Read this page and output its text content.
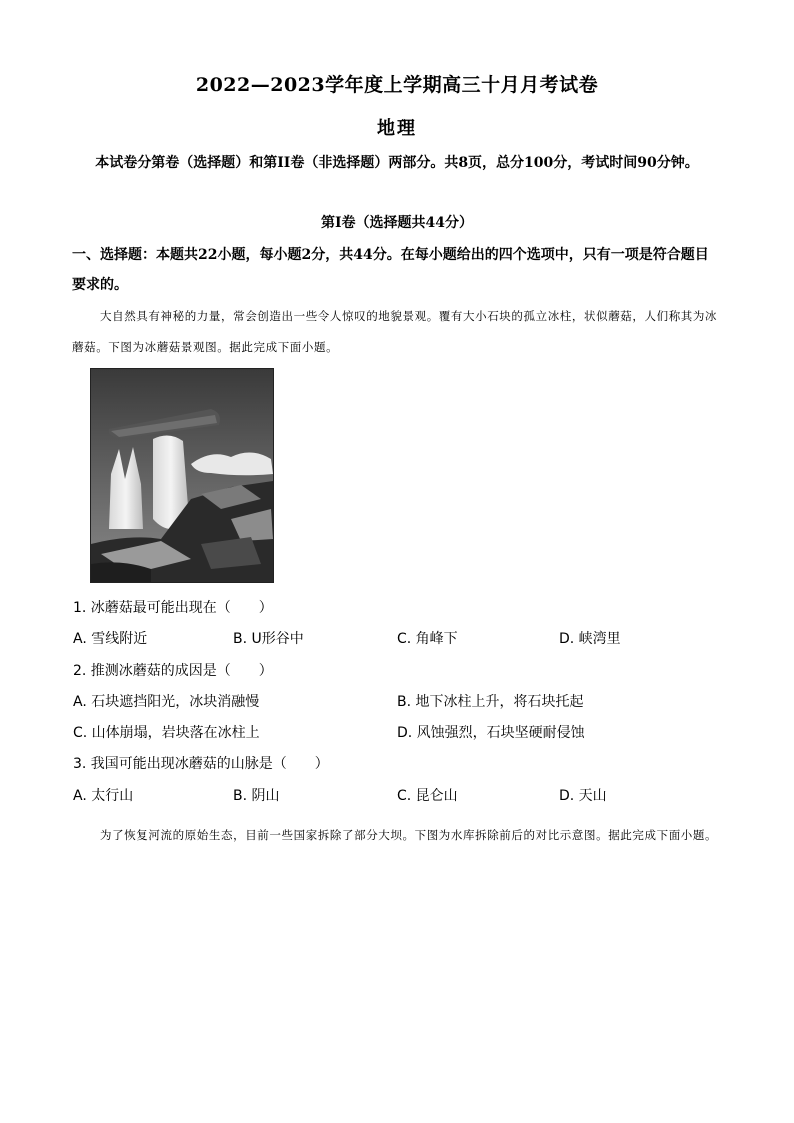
2022—2023学年度上学期高三十月月考试卷
地理
本试卷分第卷（选择题）和第II卷（非选择题）两部分。共8页，总分100分，考试时间90分钟。
第I卷（选择题共44分）
一、选择题：本题共22小题，每小题2分，共44分。在每小题给出的四个选项中，只有一项是符合题目要求的。
大自然具有神秘的力量，常会创造出一些令人惊叹的地貌景观。覆有大小石块的孤立冰柱，状似蘑菇，人们称其为冰蘑菇。下图为冰蘑菇景观图。据此完成下面小题。
1. 冰蘑菇最可能出现在（　　）
A. 雪线附近	B. U形谷中	C. 角峰下	D. 峡湾里
2. 推测冰蘑菇的成因是（　　）
A. 石块遮挡阳光，冰块消融慢	B. 地下冰柱上升，将石块托起
C. 山体崩塌，岩块落在冰柱上	D. 风蚀强烈，石块坚硬耐侵蚀
3. 我国可能出现冰蘑菇的山脉是（　　）
A. 太行山	B. 阴山	C. 昆仑山	D. 天山
为了恢复河流的原始生态，目前一些国家拆除了部分大坝。下图为水库拆除前后的对比示意图。据此完成下面小题。
